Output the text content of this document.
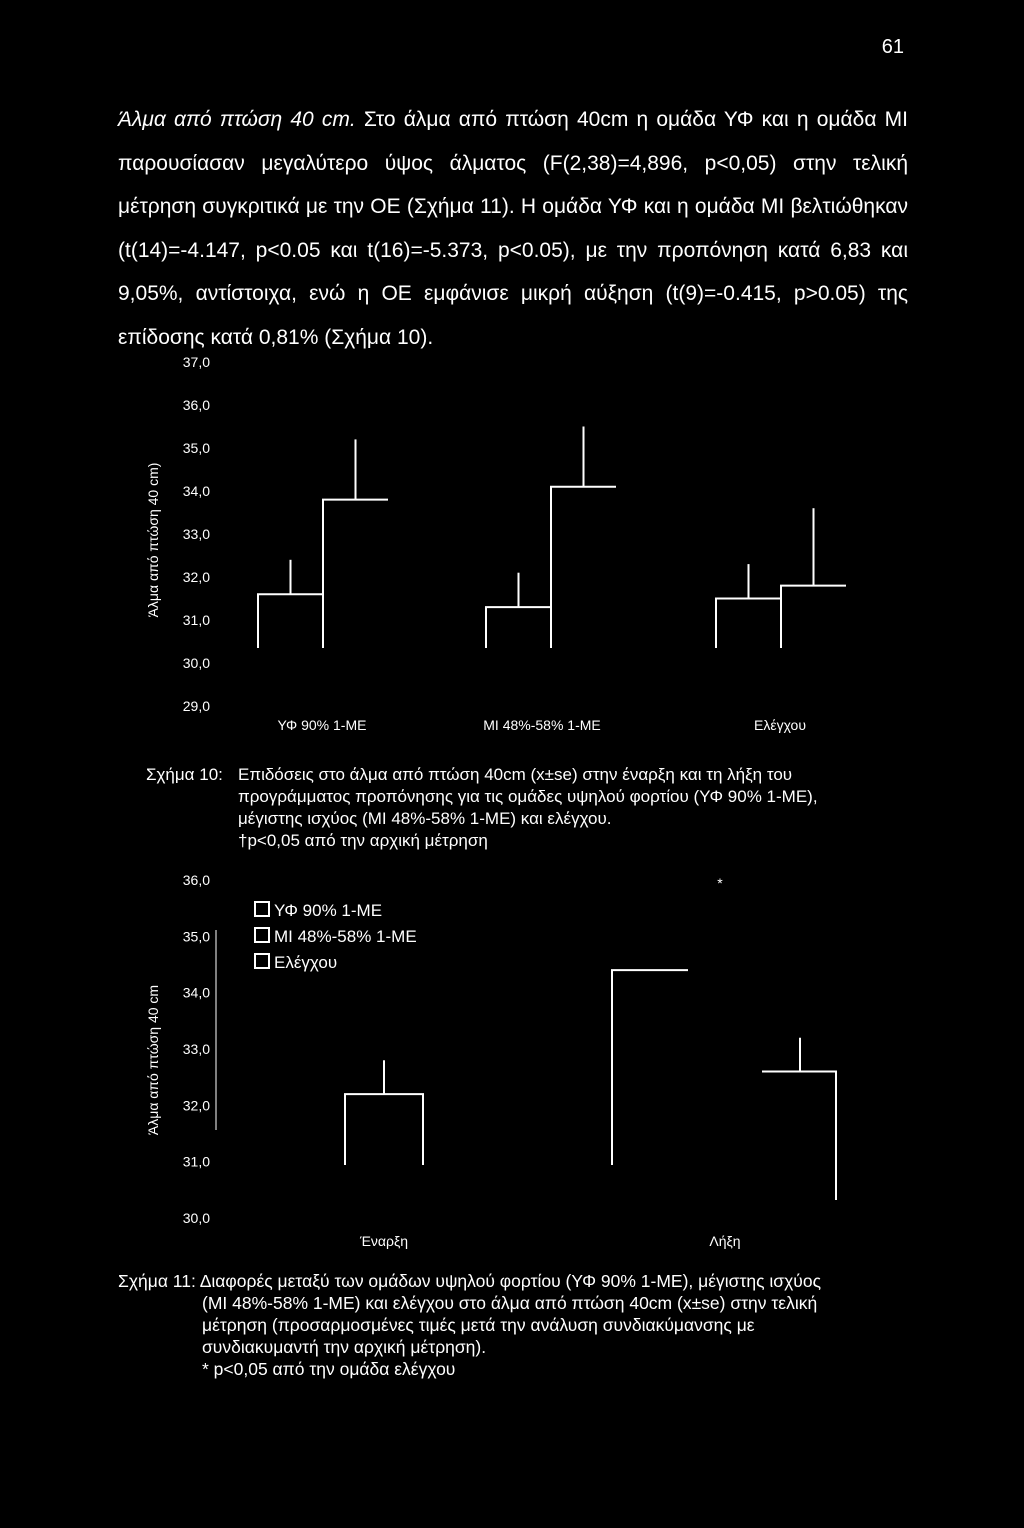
61

Άλμα από πτώση 40 cm. Στο άλμα από πτώση 40cm η ομάδα ΥΦ και η ομάδα ΜΙ παρουσίασαν μεγαλύτερο ύψος άλματος (F(2,38)=4,896, p<0,05) στην τελική μέτρηση συγκριτικά με την ΟΕ (Σχήμα 11). Η ομάδα ΥΦ και η ομάδα ΜΙ βελτιώθηκαν (t(14)=-4.147, p<0.05 και t(16)=-5.373, p<0.05), με την προπόνηση κατά 6,83 και 9,05%, αντίστοιχα, ενώ η ΟΕ εμφάνισε μικρή αύξηση (t(9)=-0.415, p>0.05) της επίδοσης κατά 0,81% (Σχήμα 10).

Άλμα από πτώση 40 cm)
37,0
36,0
35,0
34,0
33,0
32,0
31,0
30,0
29,0
ΥΦ 90% 1-ΜΕ	ΜΙ 48%-58% 1-ΜΕ	Ελέγχου
Σχήμα 10: Επιδόσεις στο άλμα από πτώση 40cm (x±se) στην έναρξη και τη λήξη του
προγράμματος προπόνησης για τις ομάδες υψηλού φορτίου (ΥΦ 90% 1-ΜΕ),
μέγιστης ισχύος (ΜΙ 48%-58% 1-ΜΕ) και ελέγχου.
†p<0,05 από την αρχική μέτρηση
Άλμα από πτώση 40 cm
36,0
35,0
34,0
33,0
32,0
31,0
30,0
*
Έναρξη	Λήξη
ΥΦ 90% 1-ΜΕ
ΜΙ 48%-58% 1-ΜΕ
Ελέγχου
Σχήμα 11: Διαφορές μεταξύ των ομάδων υψηλού φορτίου (ΥΦ 90% 1-ΜΕ), μέγιστης ισχύος
(ΜΙ 48%-58% 1-ΜΕ) και ελέγχου στο άλμα από πτώση 40cm (x±se) στην τελική
μέτρηση (προσαρμοσμένες τιμές μετά την ανάλυση συνδιακύμανσης με
συνδιακυμαντή την αρχική μέτρηση).
* p<0,05 από την ομάδα ελέγχου
